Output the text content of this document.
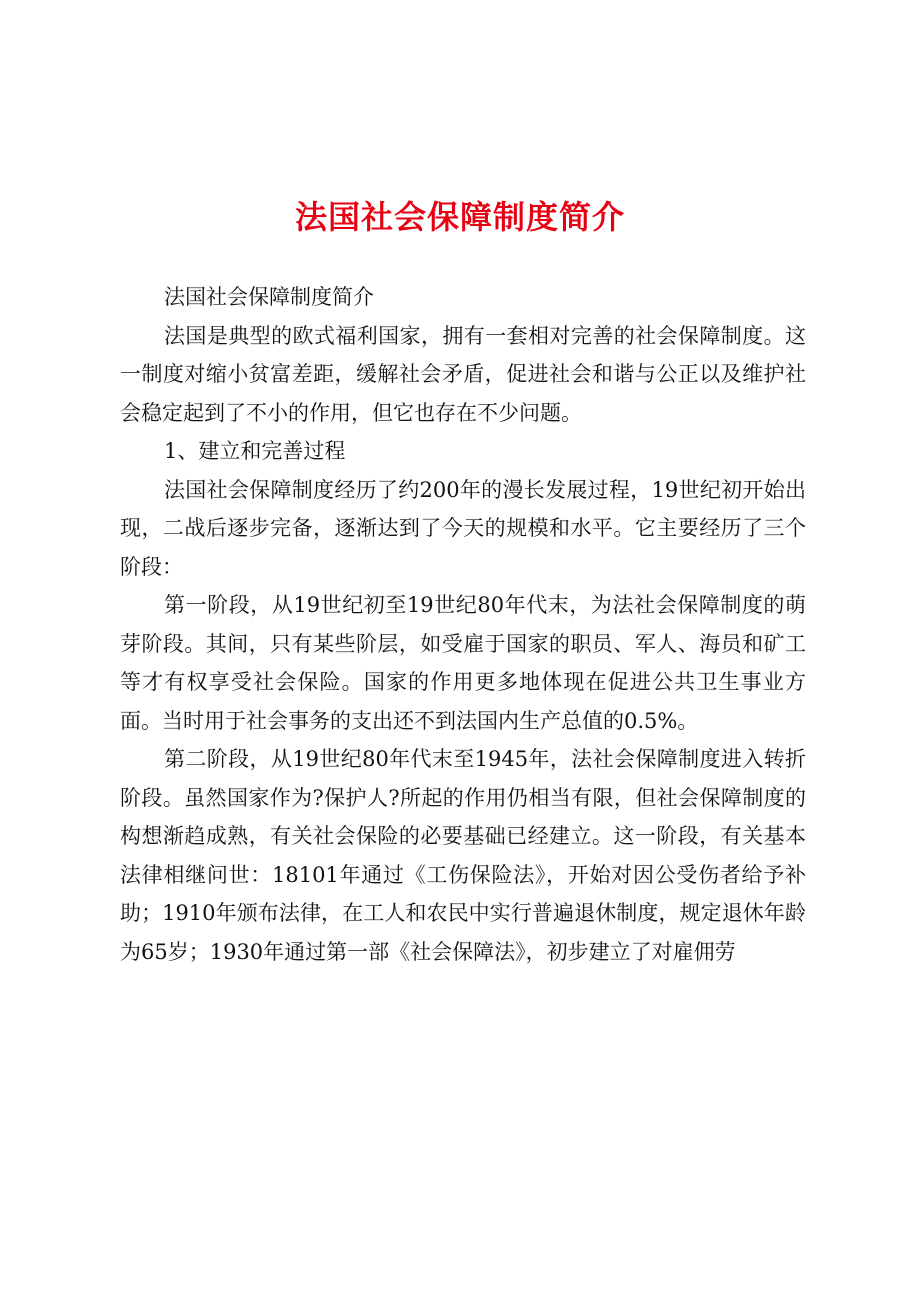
法国社会保障制度简介

法国社会保障制度简介

法国是典型的欧式福利国家，拥有一套相对完善的社会保障制度。这一制度对缩小贫富差距，缓解社会矛盾，促进社会和谐与公正以及维护社会稳定起到了不小的作用，但它也存在不少问题。

1、建立和完善过程

法国社会保障制度经历了约200年的漫长发展过程，19世纪初开始出现，二战后逐步完备，逐渐达到了今天的规模和水平。它主要经历了三个阶段：

第一阶段，从19世纪初至19世纪80年代末，为法社会保障制度的萌芽阶段。其间，只有某些阶层，如受雇于国家的职员、军人、海员和矿工等才有权享受社会保险。国家的作用更多地体现在促进公共卫生事业方面。当时用于社会事务的支出还不到法国内生产总值的0.5%。

第二阶段，从19世纪80年代末至1945年，法社会保障制度进入转折阶段。虽然国家作为?保护人?所起的作用仍相当有限，但社会保障制度的构想渐趋成熟，有关社会保险的必要基础已经建立。这一阶段，有关基本法律相继问世：18101年通过《工伤保险法》，开始对因公受伤者给予补助；1910年颁布法律，在工人和农民中实行普遍退休制度，规定退休年龄为65岁；1930年通过第一部《社会保障法》，初步建立了对雇佣劳
